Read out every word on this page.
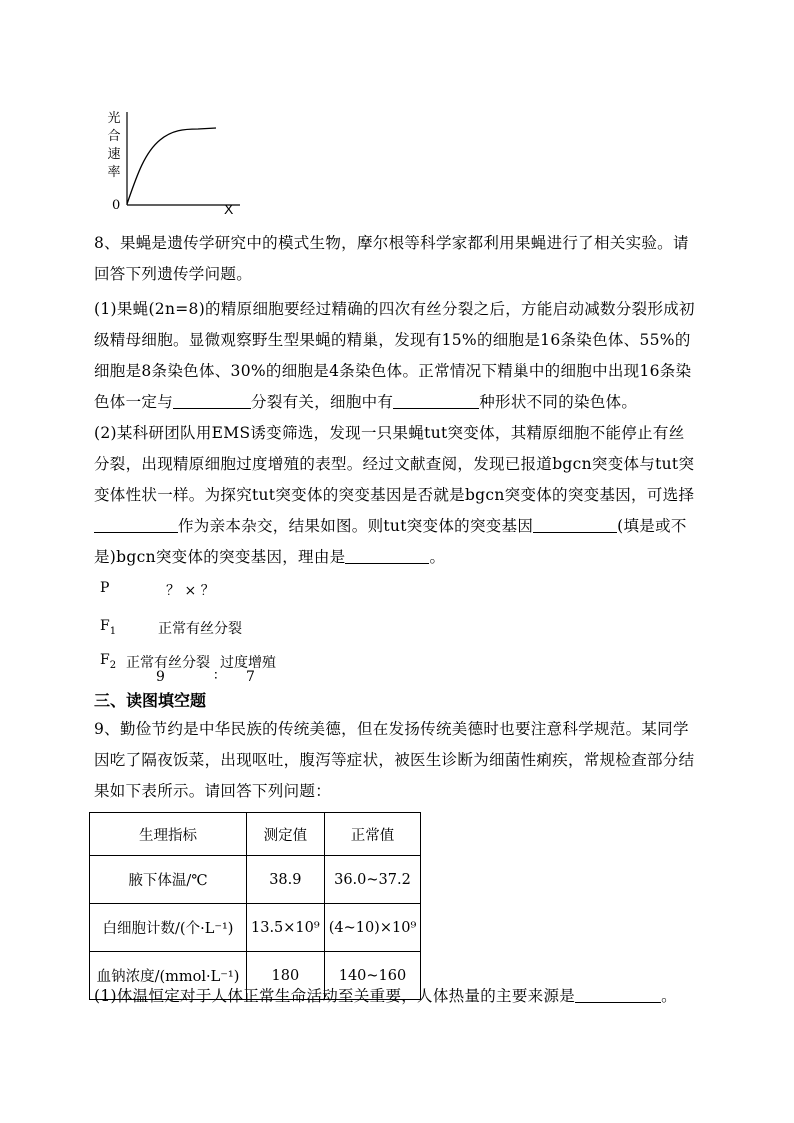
光
合
速
率
0	X
8、果蝇是遗传学研究中的模式生物，摩尔根等科学家都利用果蝇进行了相关实验。请回答下列遗传学问题。
(1)果蝇(2n=8)的精原细胞要经过精确的四次有丝分裂之后，方能启动减数分裂形成初级精母细胞。显微观察野生型果蝇的精巢，发现有15%的细胞是16条染色体、55%的细胞是8条染色体、30%的细胞是4条染色体。正常情况下精巢中的细胞中出现16条染色体一定与	分裂有关，细胞中有	种形状不同的染色体。
(2)某科研团队用EMS诱变筛选，发现一只果蝇tut突变体，其精原细胞不能停止有丝分裂，出现精原细胞过度增殖的表型。经过文献查阅，发现已报道bgcn突变体与tut突变体性状一样。为探究tut突变体的突变基因是否就是bgcn突变体的突变基因，可选择作为亲本杂交，结果如图。则tut突变体的突变基因	(填是或不是)bgcn突变体的突变基因，理由是	。
P	？ × ？
$F_1$	正常有丝分裂
$F_2$ 正常有丝分裂 过度增殖
9	∶ 7
三、读图填空题
9、勤俭节约是中华民族的传统美德，但在发扬传统美德时也要注意科学规范。某同学因吃了隔夜饭菜，出现呕吐，腹泻等症状，被医生诊断为细菌性痢疾，常规检查部分结果如下表所示。请回答下列问题：
生理指标	测定值	正常值
腋下体温/℃	38.9	36.0~37.2
白细胞计数/(个·L⁻¹)	13.5×10⁹	(4~10)×10⁹
血钠浓度/(mmol·L⁻¹)	180	140~160
(1)体温恒定对于人体正常生命活动至关重要，人体热量的主要来源是	。
